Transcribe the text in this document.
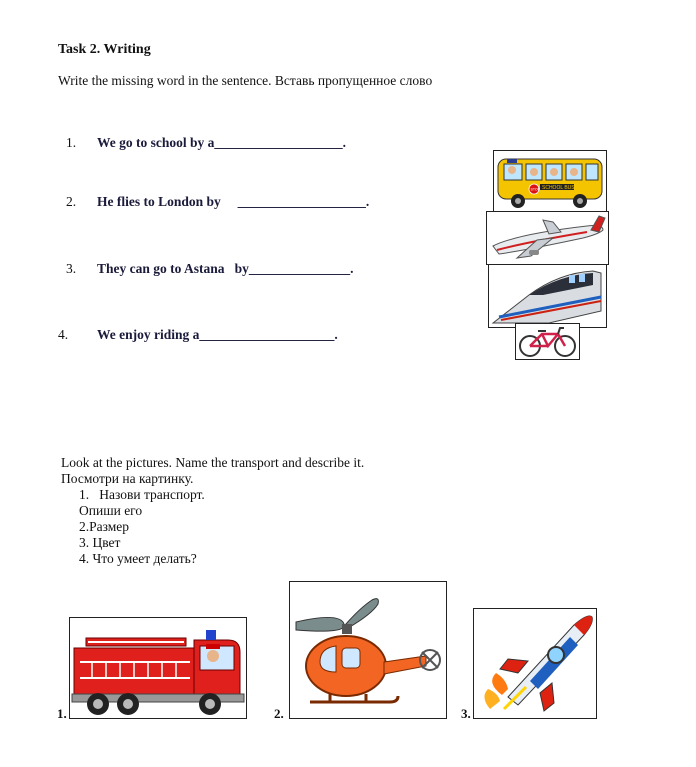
Task 2. Writing
Write the missing word in the sentence. Вставь пропущенное слово
1. We go to school by a___________________.
2. He flies to London by     ___________________.
3. They can go to Astana   by_______________.
4. We enjoy riding a____________________.
SCHOOL BUS
STOP
Look at the pictures. Name the transport and describe it.
Посмотри на картинку.
1.   Назови транспорт.
Опиши его
2.Размер
3. Цвет
4. Что умеет делать?
1.	2.	3.
